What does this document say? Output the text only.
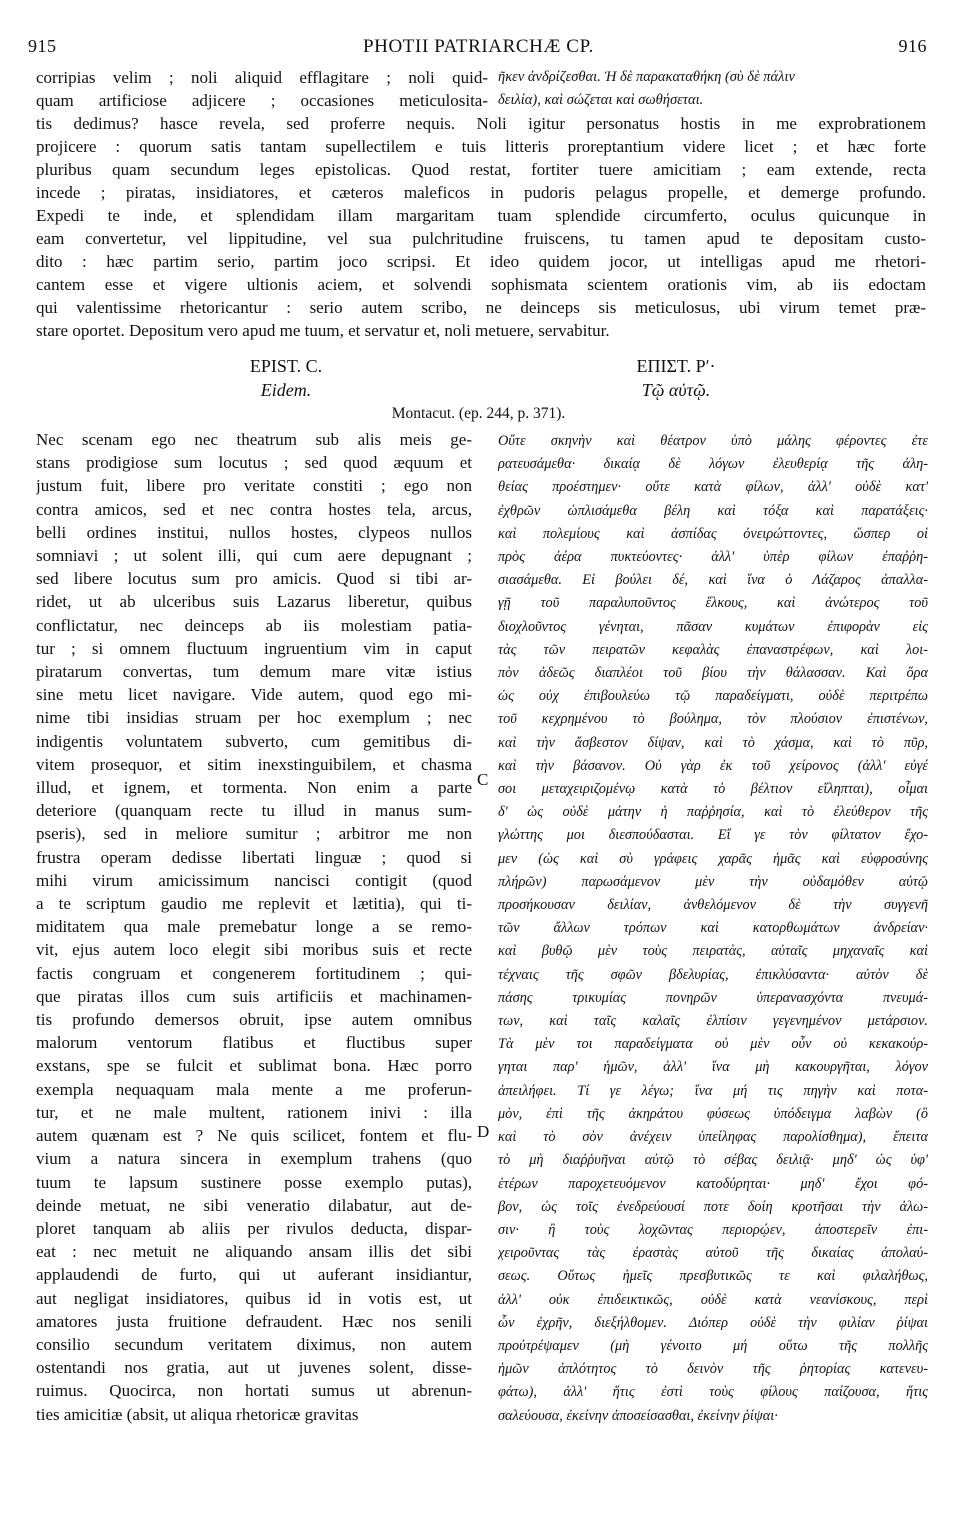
915	PHOTII PATRIARCHÆ CP.	916
corripias velim ; noli aliquid efflagitare ; noli quid-
quam artificiose adjicere ; occasiones meticulosita-
ῆκεν ἀνδρίζεσθαι. Ἡ δὲ παρακαταθήκη (σὺ δὲ πάλιν
δειλία), καὶ σώζεται καὶ σωθήσεται.
tis dedimus? hasce revela, sed proferre nequis. Noli igitur personatus hostis in me exprobrationem
projicere : quorum satis tantam supellectilem e tuis litteris proreptantium videre licet ; et hæc forte
pluribus quam secundum leges epistolicas. Quod restat, fortiter tuere amicitiam ; eam extende, recta
incede ; piratas, insidiatores, et cæteros maleficos in pudoris pelagus propelle, et demerge profundo.
Expedi te inde, et splendidam illam margaritam tuam splendide circumferto, oculus quicunque in
eam convertetur, vel lippitudine, vel sua pulchritudine fruiscens, tu tamen apud te depositam custo-
dito : hæc partim serio, partim joco scripsi. Et ideo quidem jocor, ut intelligas apud me rhetori-
cantem esse et vigere ultionis aciem, et solvendi sophismata scientem orationis vim, ab iis edoctam
qui valentissime rhetoricantur : serio autem scribo, ne deinceps sis meticulosus, ubi virum temet præ-
stare oportet. Depositum vero apud me tuum, et servatur et, noli metuere, servabitur.
EPIST. C.
Eidem.
ΕΠΙΣΤ. Ρʹ·
Τῷ αὐτῷ.
Montacut. (ep. 244, p. 371).
Nec scenam ego nec theatrum sub alis meis ge-
stans prodigiose sum locutus ; sed quod æquum et
justum fuit, libere pro veritate constiti ; ego non
contra amicos, sed et nec contra hostes tela, arcus,
belli ordines institui, nullos hostes, clypeos nullos
somniavi ; ut solent illi, qui cum aere depugnant ;
sed libere locutus sum pro amicis. Quod si tibi ar-
ridet, ut ab ulceribus suis Lazarus liberetur, quibus
conflictatur, nec deinceps ab iis molestiam patia-
tur ; si omnem fluctuum ingruentium vim in caput
piratarum convertas, tum demum mare vitæ istius
sine metu licet navigare. Vide autem, quod ego mi-
nime tibi insidias struam per hoc exemplum ; nec
indigentis voluntatem subverto, cum gemitibus di-
vitem prosequor, et sitim inexstinguibilem, et chasma
illud, et ignem, et tormenta. Non enim a parte
deteriore (quanquam recte tu illud in manus sum-
pseris), sed in meliore sumitur ; arbitror me non
frustra operam dedisse libertati linguæ ; quod si
mihi virum amicissimum nancisci contigit (quod
a te scriptum gaudio me replevit et lætitia), qui ti-
miditatem qua male premebatur longe a se remo-
vit, ejus autem loco elegit sibi moribus suis et recte
factis congruam et congenerem fortitudinem ; qui-
que piratas illos cum suis artificiis et machinamen-
tis profundo demersos obruit, ipse autem omnibus
malorum ventorum flatibus et fluctibus super
exstans, spe se fulcit et sublimat bona. Hæc porro
exempla nequaquam mala mente a me proferun-
tur, et ne male multent, rationem inivi : illa
autem quænam est ? Ne quis scilicet, fontem et flu-
vium a natura sincera in exemplum trahens (quo
tuum te lapsum sustinere posse exemplo putas),
deinde metuat, ne sibi veneratio dilabatur, aut de-
ploret tanquam ab aliis per rivulos deducta, dispar-
eat : nec metuit ne aliquando ansam illis det sibi
applaudendi de furto, qui ut auferant insidiantur,
aut negligat insidiatores, quibus id in votis est, ut
amatores justa fruitione defraudent. Hæc nos senili
consilio secundum veritatem diximus, non autem
ostentandi nos gratia, aut ut juvenes solent, disse-
ruimus. Quocirca, non hortati sumus ut abrenun-
ties amicitiæ (absit, ut aliqua rhetoricæ gravitas
Οὔτε σκηνὴν καὶ θέατρον ὑπὸ μάλης φέροντες ἐτε
ρατευσάμεθα· δικαίᾳ δὲ λόγων ἐλευθερίᾳ τῆς ἀλη-
θείας προέστημεν· οὔτε κατὰ φίλων, ἀλλ' οὐδὲ κατ'
ἐχθρῶν ὡπλισάμεθα βέλη καὶ τόξα καὶ παρατάξεις·
καὶ πολεμίους καὶ ἀσπίδας ὀνειρώττοντες, ὥσπερ οἱ
πρὸς ἀέρα πυκτεύοντες· ἀλλ' ὑπὲρ φίλων ἐπαῤῥη-
σιασάμεθα. Εἰ βούλει δέ, καὶ ἵνα ὁ Λάζαρος ἀπαλλα-
γῇ τοῦ παραλυποῦντος ἕλκους, καὶ ἀνώτερος τοῦ
διοχλοῦντος γένηται, πᾶσαν κυμάτων ἐπιφορὰν εἰς
τὰς τῶν πειρατῶν κεφαλὰς ἐπαναστρέφων, καὶ λοι-
πὸν ἀδεῶς διαπλέοι τοῦ βίου τὴν θάλασσαν. Καὶ ὅρα
ὡς οὐχ ἐπιβουλεύω τῷ παραδείγματι, οὐδὲ περιτρέπω
τοῦ κεχρημένου τὸ βούλημα, τὸν πλούσιον ἐπιστένων,
καὶ τὴν ἄσβεστον δίψαν, καὶ τὸ χάσμα, καὶ τὸ πῦρ,
καὶ τὴν βάσανον. Οὐ γὰρ ἐκ τοῦ χείρονος (ἀλλ' εὐγέ
σοι μεταχειριζομένῳ κατὰ τὸ βέλτιον εἴληπται), οἶμαι
δ' ὡς οὐδὲ μάτην ἡ παῤῥησία, καὶ τὸ ἐλεύθερον τῆς
γλώττης μοι διεσπούδασται. Εἴ γε τὸν φίλτατον ἔχο-
μεν (ὡς καὶ σὺ γράφεις χαρᾶς ἡμᾶς καὶ εὐφροσύνης
πλήρῶν) παρωσάμενον μὲν τὴν οὐδαμόθεν αὐτῷ
προσήκουσαν δειλίαν, ἀνθελόμενον δὲ τὴν συγγενῆ
τῶν ἄλλων τρόπων καὶ κατορθωμάτων ἀνδρείαν·
καὶ βυθῷ μὲν τοὺς πειρατὰς, αὐταῖς μηχαναῖς καὶ
τέχναις τῆς σφῶν βδελυρίας, ἐπικλύσαντα· αὐτὸν δὲ
πάσης τρικυμίας πονηρῶν ὑπερανασχόντα πνευμά-
των, καὶ ταῖς καλαῖς ἐλπίσιν γεγενημένον μετάρσιον.
Τὰ μὲν τοι παραδείγματα οὐ μὲν οὖν οὐ κεκακούρ-
γηται παρ' ἡμῶν, ἀλλ' ἵνα μὴ κακουργῆται, λόγον
ἀπειλήφει. Τί γε λέγω; ἵνα μή τις πηγὴν καὶ ποτα-
μὸν, ἐπὶ τῆς ἀκηράτου φύσεως ὑπόδειγμα λαβὼν (ὃ
καὶ τὸ σὸν ἀνέχειν ὑπείληφας παρολίσθημα), ἔπειτα
τὸ μὴ διαῤῥυῆναι αὐτῷ τὸ σέβας δειλιᾷ· μηδ' ὡς ὑφ'
ἑτέρων παροχετευόμενον κατοδύρηται· μηδ' ἔχοι φό-
βον, ὡς τοῖς ἐνεδρεύουσί ποτε δοίη κροτῆσαι τὴν ἀλω-
σιν· ἢ τοὺς λοχῶντας περιορῴεν, ἀποστερεῖν ἐπι-
χειροῦντας τὰς ἐραστὰς αὐτοῦ τῆς δικαίας ἀπολαύ-
σεως. Οὕτως ἡμεῖς πρεσβυτικῶς τε καὶ φιλαλήθως,
ἀλλ' οὐκ ἐπιδεικτικῶς, οὐδὲ κατὰ νεανίσκους, περὶ
ὧν ἐχρῆν, διεξήλθομεν. Διόπερ οὐδὲ τὴν φιλίαν ῥίψαι
προὐτρέψαμεν (μὴ γένοιτο μή οὕτω τῆς πολλῆς
ἡμῶν ἀπλότητος τὸ δεινὸν τῆς ῥητορίας κατενευ-
φάτω), ἀλλ' ἥτις ἐστὶ τοὺς φίλους παίζουσα, ἥτις
σαλεύουσα, ἐκείνην ἀποσείσασθαι, ἐκείνην ῥίψαι·
C
D
